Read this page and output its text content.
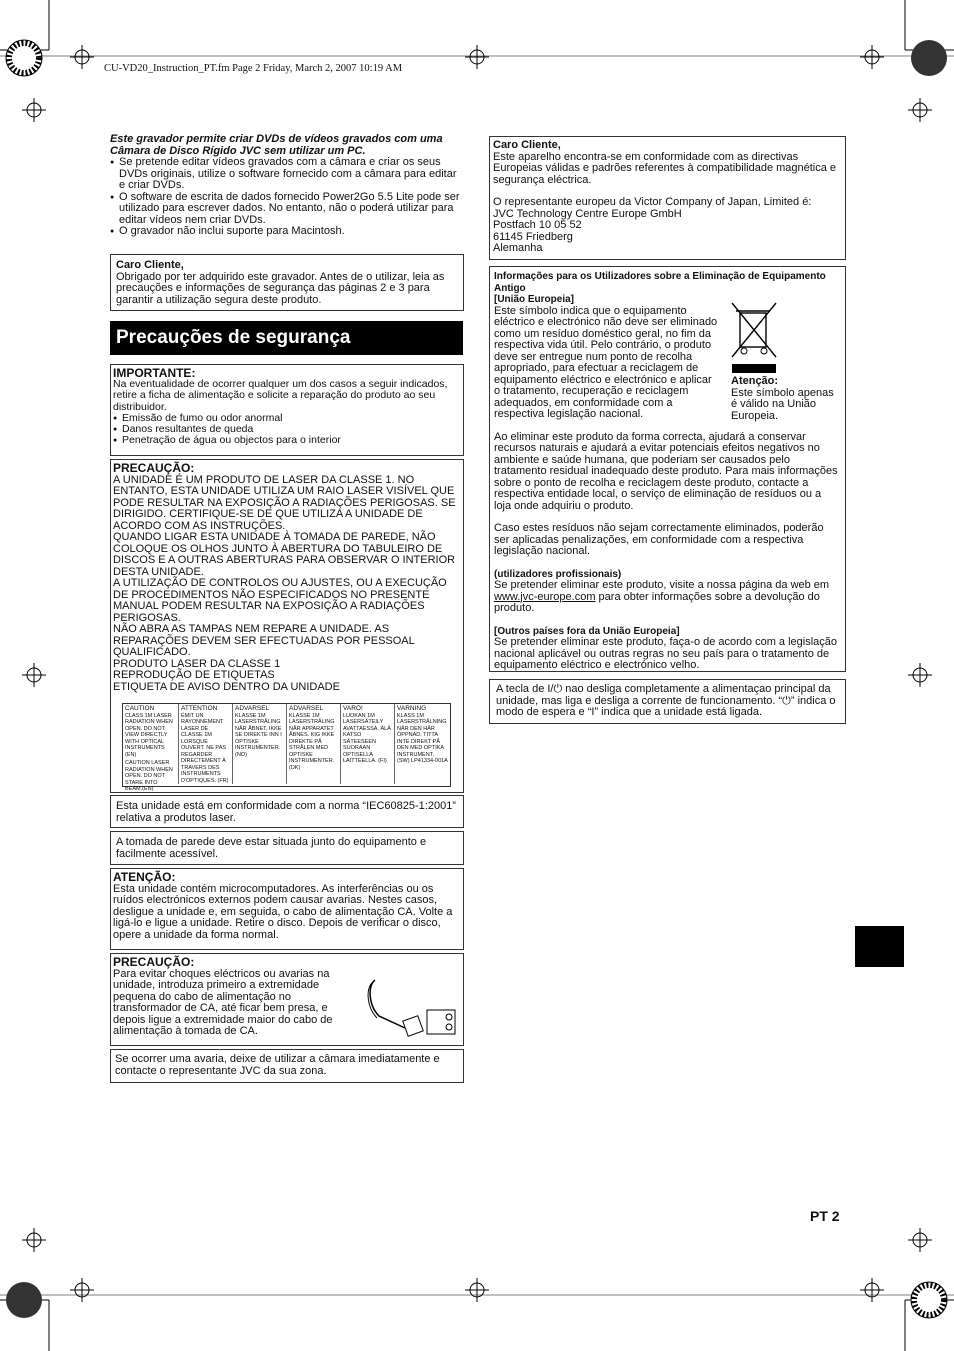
CU-VD20_Instruction_PT.fm Page 2 Friday, March 2, 2007 10:19 AM
Este gravador permite criar DVDs de vídeos gravados com uma Câmara de Disco Rígido JVC sem utilizar um PC.
● Se pretende editar vídeos gravados com a câmara e criar os seus DVDs originais, utilize o software fornecido com a câmara para editar e criar DVDs.
● O software de escrita de dados fornecido Power2Go 5.5 Lite pode ser utilizado para escrever dados. No entanto, não o poderá utilizar para editar vídeos nem criar DVDs.
● O gravador não inclui suporte para Macintosh.
Caro Cliente,
Obrigado por ter adquirido este gravador. Antes de o utilizar, leia as precauções e informações de segurança das páginas 2 e 3 para garantir a utilização segura deste produto.
Precauções de segurança
IMPORTANTE:
Na eventualidade de ocorrer qualquer um dos casos a seguir indicados, retire a ficha de alimentação e solicite a reparação do produto ao seu distribuidor.
● Emissão de fumo ou odor anormal
● Danos resultantes de queda
● Penetração de água ou objectos para o interior
PRECAUÇÃO:
A UNIDADE É UM PRODUTO DE LASER DA CLASSE 1. NO ENTANTO, ESTA UNIDADE UTILIZA UM RAIO LASER VISÍVEL QUE PODE RESULTAR NA EXPOSIÇÃO A RADIAÇÕES PERIGOSAS. SE DIRIGIDO. CERTIFIQUE-SE DE QUE UTILIZA A UNIDADE DE ACORDO COM AS INSTRUÇÕES.
QUANDO LIGAR ESTA UNIDADE À TOMADA DE PAREDE, NÃO COLOQUE OS OLHOS JUNTO À ABERTURA DO TABULEIRO DE DISCOS E A OUTRAS ABERTURAS PARA OBSERVAR O INTERIOR DESTA UNIDADE.
A UTILIZAÇÃO DE CONTROLOS OU AJUSTES, OU A EXECUÇÃO DE PROCEDIMENTOS NÃO ESPECIFICADOS NO PRESENTE MANUAL PODEM RESULTAR NA EXPOSIÇÃO A RADIAÇÕES PERIGOSAS.
NÃO ABRA AS TAMPAS NEM REPARE A UNIDADE. AS REPARAÇÕES DEVEM SER EFECTUADAS POR PESSOAL QUALIFICADO.
PRODUTO LASER DA CLASSE 1
REPRODUÇÃO DE ETIQUETAS
ETIQUETA DE AVISO DENTRO DA UNIDADE
CAUTION
CLASS 1M LASER RADIATION WHEN OPEN. DO NOT VIEW DIRECTLY WITH OPTICAL INSTRUMENTS (EN)
CAUTION LASER RADIATION WHEN OPEN. DO NOT STARE INTO BEAM.(EN)
ATTENTION
ÉMIT UN RAYONNEMENT LASER DE CLASSE 1M LORSQUE OUVERT. NE PAS REGARDER DIRECTEMENT À TRAVERS DES INSTRUMENTS D'OPTIQUES. (FR)
ADVARSEL
KLASSE 1M LASERSTRÅLING NÅR ÅBNET, IKKE SE DIREKTE INN I OPTISKE INSTRUMENTER. (NO)
ADVARSEL
KLASSE 1M LASERSTRÅLING NÅR APPARATET ÅBNES. KIG IKKE DIREKTE PÅ STRÅLEN MED OPTISKE INSTRUMENTER. (DK)
VARO!
LUOKAN 1M LASERSÄTEILY AVATTAESSA. ÄLÄ KATSO SÄTEESEEN SUORAAN OPTISELLA LAITTEELLA. (FI)
VARNING
KLASS 1M LASERSTRÅLNING NÄR DEN HÄR ÖPPNAD. TITTA INTE DIREKT PÅ DEN MED OPTIKA INSTRUMENT. (SW) LP41334-001A
Esta unidade está em conformidade com a norma “IEC60825-1:2001” relativa a produtos laser.
A tomada de parede deve estar situada junto do equipamento e facilmente acessível.
ATENÇÃO:
Esta unidade contém microcomputadores. As interferências ou os ruídos electrónicos externos podem causar avarias. Nestes casos, desligue a unidade e, em seguida, o cabo de alimentação CA. Volte a ligá-lo e ligue a unidade. Retire o disco. Depois de verificar o disco, opere a unidade da forma normal.
PRECAUÇÃO:
Para evitar choques eléctricos ou avarias na unidade, introduza primeiro a extremidade pequena do cabo de alimentação no transformador de CA, até ficar bem presa, e depois ligue a extremidade maior do cabo de alimentação à tomada de CA.
Se ocorrer uma avaria, deixe de utilizar a câmara imediatamente e contacte o representante JVC da sua zona.
Caro Cliente,
Este aparelho encontra-se em conformidade com as directivas Europeias válidas e padrões referentes à compatibilidade magnética e segurança eléctrica.
O representante europeu da Victor Company of Japan, Limited é:
JVC Technology Centre Europe GmbH
Postfach 10 05 52
61145 Friedberg
Alemanha
Informações para os Utilizadores sobre a Eliminação de Equipamento Antigo
[União Europeia]
Este símbolo indica que o equipamento eléctrico e electrónico não deve ser eliminado como um resíduo doméstico geral, no fim da respectiva vida útil. Pelo contrário, o produto deve ser entregue num ponto de recolha apropriado, para efectuar a reciclagem de equipamento eléctrico e electrónico e aplicar o tratamento, recuperação e reciclagem adequados, em conformidade com a respectiva legislação nacional.
Atenção:
Este símbolo apenas é válido na União Europeia.
Ao eliminar este produto da forma correcta, ajudará a conservar recursos naturais e ajudará a evitar potenciais efeitos negativos no ambiente e saúde humana, que poderiam ser causados pelo tratamento residual inadequado deste produto. Para mais informações sobre o ponto de recolha e reciclagem deste produto, contacte a respectiva entidade local, o serviço de eliminação de resíduos ou a loja onde adquiriu o produto.
Caso estes resíduos não sejam correctamente eliminados, poderão ser aplicadas penalizações, em conformidade com a respectiva legislação nacional.
(utilizadores profissionais)
Se pretender eliminar este produto, visite a nossa página da web em www.jvc-europe.com para obter informações sobre a devolução do produto.
[Outros países fora da União Europeia]
Se pretender eliminar este produto, faça-o de acordo com a legislação nacional aplicável ou outras regras no seu país para o tratamento de equipamento eléctrico e electrónico velho.
A tecla de I/⏻ nao desliga completamente a alimentaçao principal da unidade, mas liga e desliga a corrente de funcionamento. “⏻” indica o modo de espera e “I” indica que a unidade está ligada.
PT 2
